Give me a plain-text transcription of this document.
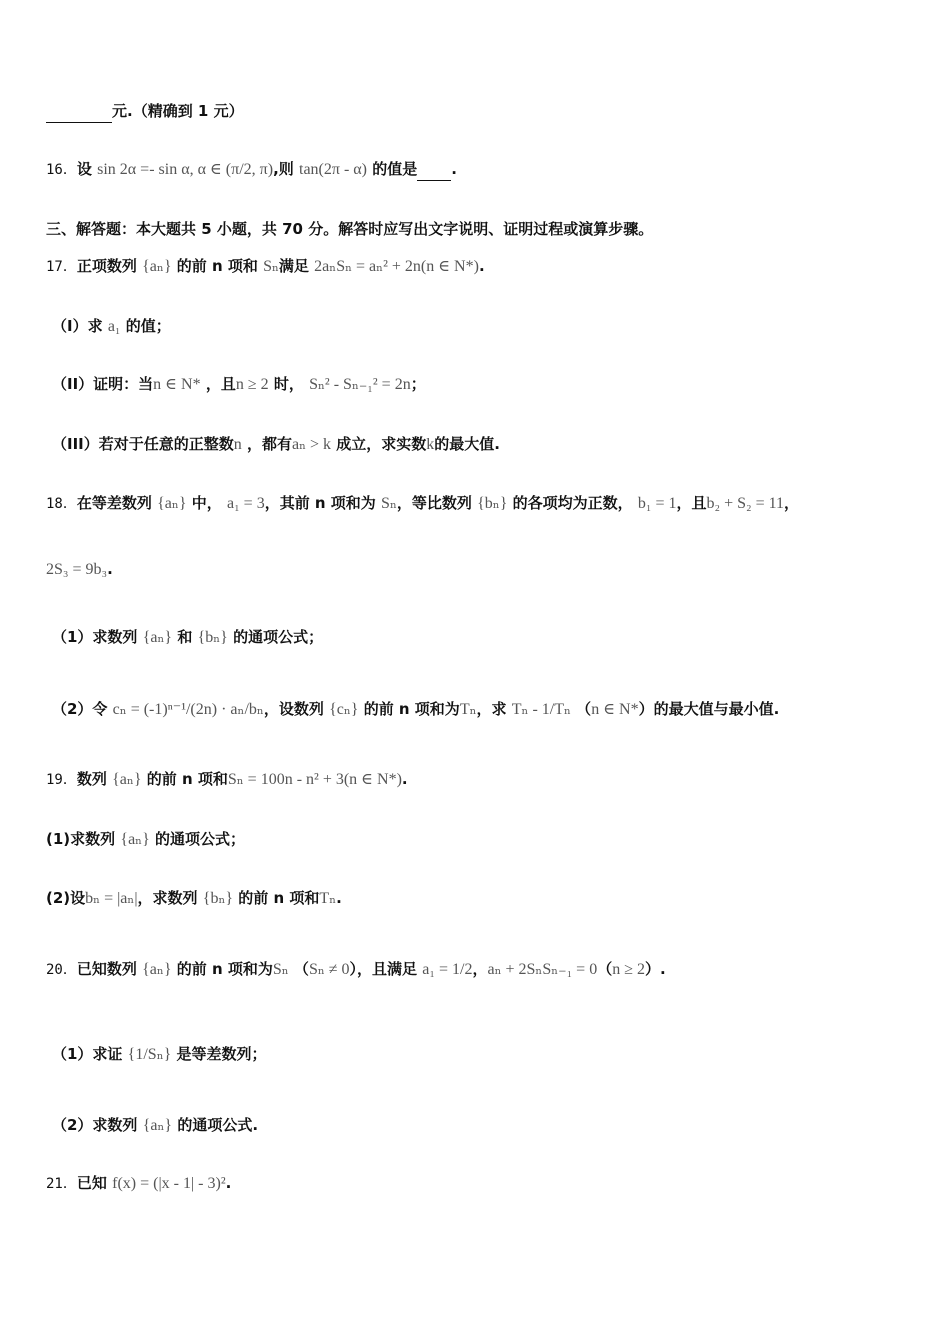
元.（精确到 1 元）
16．设 sin 2α =- sin α, α ∈ (π/2, π),则 tan(2π - α) 的值是 .
三、解答题：本大题共 5 小题，共 70 分。解答时应写出文字说明、证明过程或演算步骤。
17．正项数列 {aₙ} 的前 n 项和 Sₙ满足 2aₙSₙ = aₙ² + 2n(n ∈ N*).
（I）求 a₁ 的值；
（II）证明：当n ∈ N* ，且n ≥ 2 时， Sₙ² - Sₙ₋₁² = 2n；
（III）若对于任意的正整数n ，都有aₙ > k 成立，求实数k的最大值.
18．在等差数列 {aₙ} 中， a₁ = 3，其前 n 项和为 Sₙ，等比数列 {bₙ} 的各项均为正数， b₁ = 1，且b₂ + S₂ = 11，
2S₃ = 9b₃.
（1）求数列 {aₙ} 和 {bₙ} 的通项公式；
（2）令 cₙ = (-1)ⁿ⁻¹/(2n) · aₙ/bₙ，设数列 {cₙ} 的前 n 项和为Tₙ，求 Tₙ - 1/Tₙ （n ∈ N*）的最大值与最小值.
19．数列 {aₙ} 的前 n 项和Sₙ = 100n - n² + 3(n ∈ N*).
(1)求数列 {aₙ} 的通项公式；
(2)设bₙ = |aₙ|，求数列 {bₙ} 的前 n 项和Tₙ.
20．已知数列 {aₙ} 的前 n 项和为Sₙ （Sₙ ≠ 0），且满足 a₁ = 1/2，aₙ + 2SₙSₙ₋₁ = 0（n ≥ 2）.
（1）求证 {1/Sₙ} 是等差数列；
（2）求数列 {aₙ} 的通项公式.
21．已知 f(x) = (|x - 1| - 3)².
